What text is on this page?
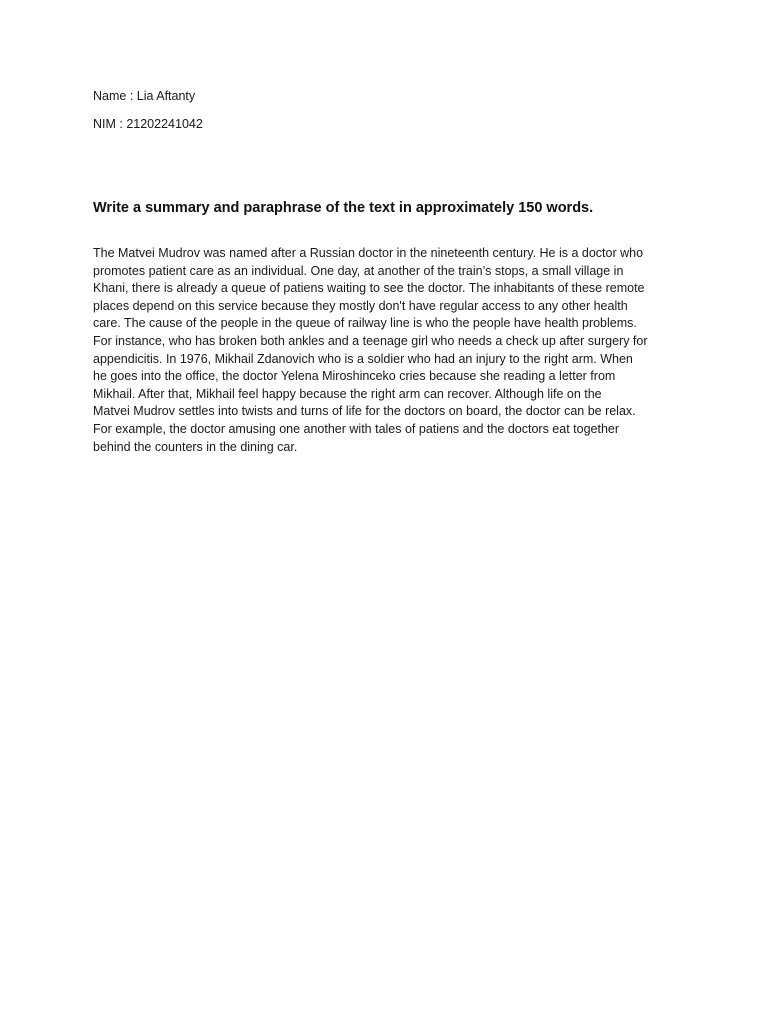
Name : Lia Aftanty

NIM : 21202241042

Write a summary and paraphrase of the text in approximately 150 words.

The Matvei Mudrov was named after a Russian doctor in the nineteenth century. He is a doctor who
promotes patient care as an individual. One day, at another of the train’s stops, a small village in
Khani, there is already a queue of patiens waiting to see the doctor. The inhabitants of these remote
places depend on this service because they mostly don't have regular access to any other health
care. The cause of the people in the queue of railway line is who the people have health problems.
For instance, who has broken both ankles and a teenage girl who needs a check up after surgery for
appendicitis. In 1976, Mikhail Zdanovich who is a soldier who had an injury to the right arm. When
he goes into the office, the doctor Yelena Miroshinceko cries because she reading a letter from
Mikhail. After that, Mikhail feel happy because the right arm can recover. Although life on the
Matvei Mudrov settles into twists and turns of life for the doctors on board, the doctor can be relax.
For example, the doctor amusing one another with tales of patiens and the doctors eat together
behind the counters in the dining car.
